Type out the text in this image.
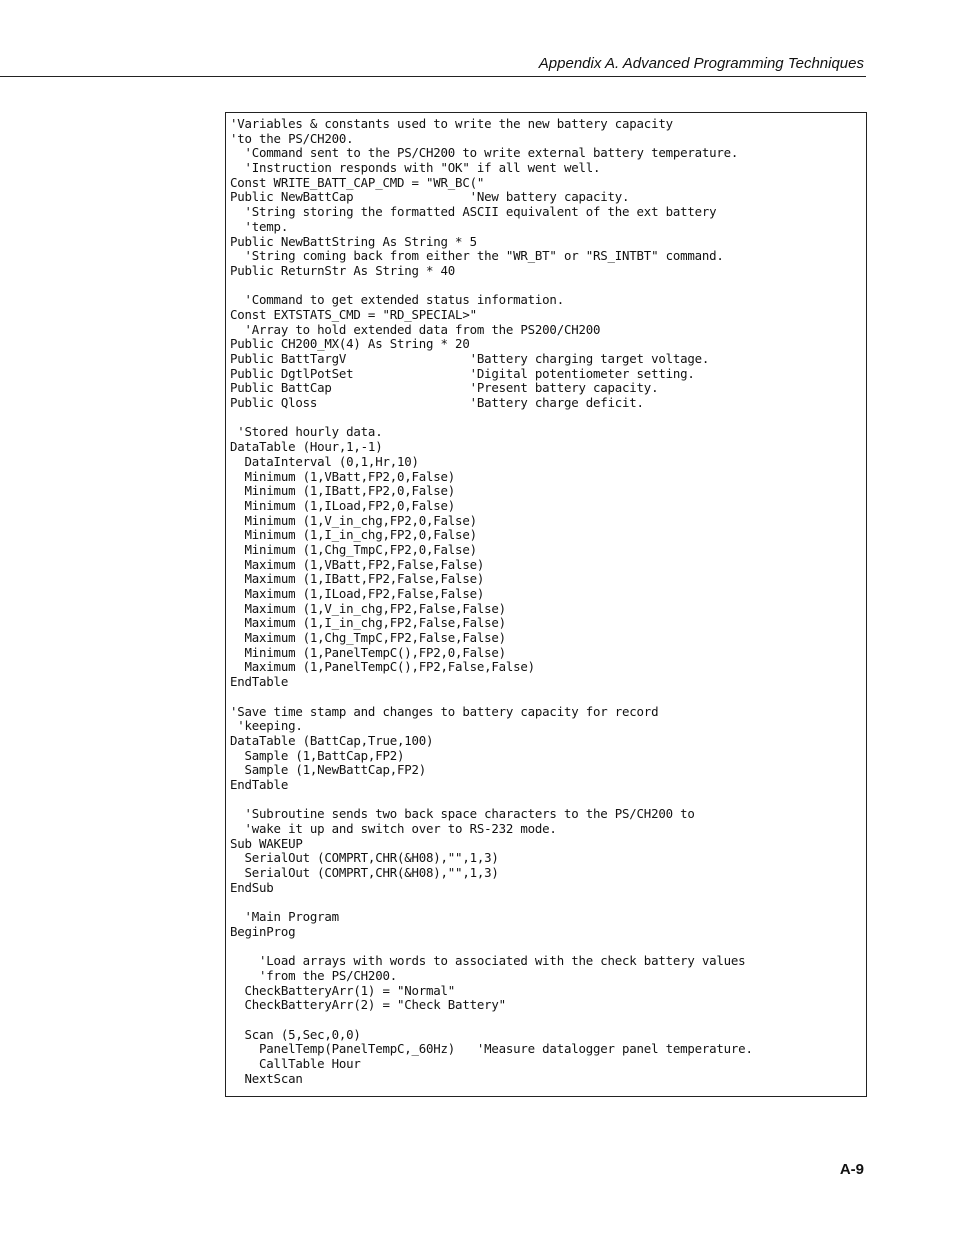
Appendix A. Advanced Programming Techniques
'Variables & constants used to write the new battery capacity
'to the PS/CH200.
'Command sent to the PS/CH200 to write external battery temperature.
'Instruction responds with "OK" if all went well.
Const WRITE_BATT_CAP_CMD = "WR_BC("
Public NewBattCap                'New battery capacity.
'String storing the formatted ASCII equivalent of the ext battery
'temp.
Public NewBattString As String * 5
'String coming back from either the "WR_BT" or "RS_INTBT" command.
Public ReturnStr As String * 40
'Command to get extended status information.
Const EXTSTATS_CMD = "RD_SPECIAL>"
'Array to hold extended data from the PS200/CH200
Public CH200_MX(4) As String * 20
Public BattTargV                 'Battery charging target voltage.
Public DgtlPotSet                'Digital potentiometer setting.
Public BattCap                   'Present battery capacity.
Public Qloss                     'Battery charge deficit.
'Stored hourly data.
DataTable (Hour,1,-1)
DataInterval (0,1,Hr,10)
Minimum (1,VBatt,FP2,0,False)
Minimum (1,IBatt,FP2,0,False)
Minimum (1,ILoad,FP2,0,False)
Minimum (1,V_in_chg,FP2,0,False)
Minimum (1,I_in_chg,FP2,0,False)
Minimum (1,Chg_TmpC,FP2,0,False)
Maximum (1,VBatt,FP2,False,False)
Maximum (1,IBatt,FP2,False,False)
Maximum (1,ILoad,FP2,False,False)
Maximum (1,V_in_chg,FP2,False,False)
Maximum (1,I_in_chg,FP2,False,False)
Maximum (1,Chg_TmpC,FP2,False,False)
Minimum (1,PanelTempC(),FP2,0,False)
Maximum (1,PanelTempC(),FP2,False,False)
EndTable
'Save time stamp and changes to battery capacity for record
'keeping.
DataTable (BattCap,True,100)
Sample (1,BattCap,FP2)
Sample (1,NewBattCap,FP2)
EndTable
'Subroutine sends two back space characters to the PS/CH200 to
'wake it up and switch over to RS-232 mode.
Sub WAKEUP
SerialOut (COMPRT,CHR(&H08),"",1,3)
SerialOut (COMPRT,CHR(&H08),"",1,3)
EndSub
'Main Program
BeginProg
'Load arrays with words to associated with the check battery values
'from the PS/CH200.
CheckBatteryArr(1) = "Normal"
CheckBatteryArr(2) = "Check Battery"
Scan (5,Sec,0,0)
PanelTemp(PanelTempC,_60Hz)   'Measure datalogger panel temperature.
CallTable Hour
NextScan
A-9
